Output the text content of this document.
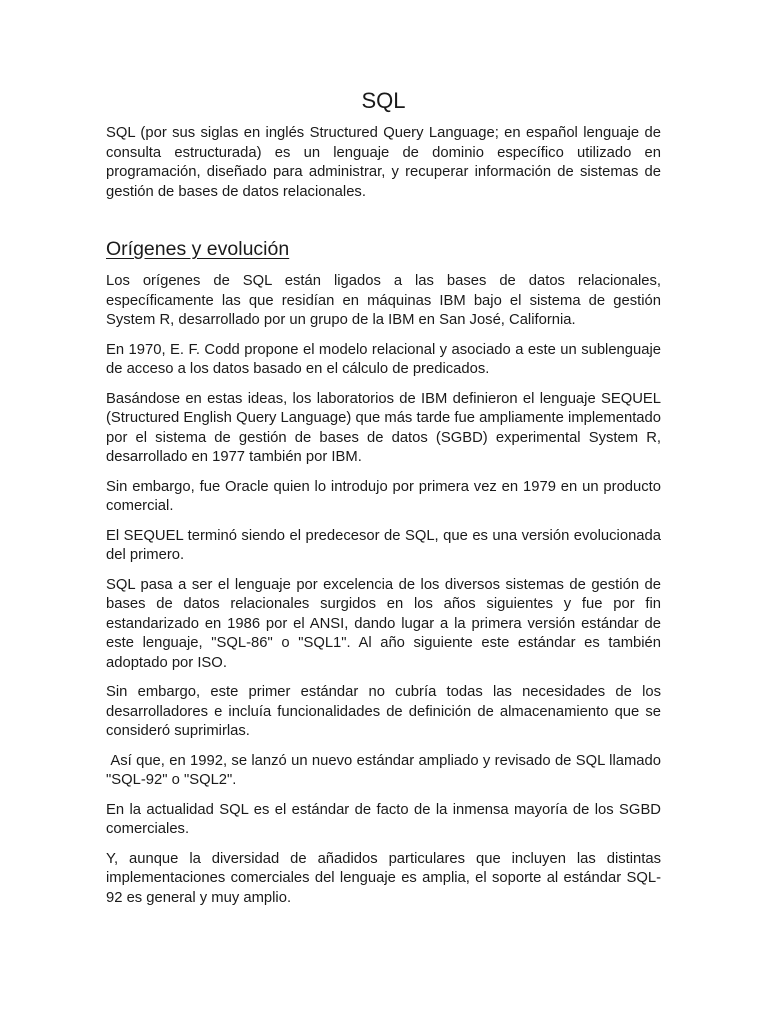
SQL

SQL (por sus siglas en inglés Structured Query Language; en español lenguaje de consulta estructurada) es un lenguaje de dominio específico utilizado en programación, diseñado para administrar, y recuperar información de sistemas de gestión de bases de datos relacionales.

Orígenes y evolución

Los orígenes de SQL están ligados a las bases de datos relacionales, específicamente las que residían en máquinas IBM bajo el sistema de gestión System R, desarrollado por un grupo de la IBM en San José, California.

En 1970, E. F. Codd propone el modelo relacional y asociado a este un sublenguaje de acceso a los datos basado en el cálculo de predicados.

Basándose en estas ideas, los laboratorios de IBM definieron el lenguaje SEQUEL (Structured English Query Language) que más tarde fue ampliamente implementado por el sistema de gestión de bases de datos (SGBD) experimental System R, desarrollado en 1977 también por IBM.

Sin embargo, fue Oracle quien lo introdujo por primera vez en 1979 en un producto comercial.

El SEQUEL terminó siendo el predecesor de SQL, que es una versión evolucionada del primero.

SQL pasa a ser el lenguaje por excelencia de los diversos sistemas de gestión de bases de datos relacionales surgidos en los años siguientes y fue por fin estandarizado en 1986 por el ANSI, dando lugar a la primera versión estándar de este lenguaje, "SQL-86" o "SQL1". Al año siguiente este estándar es también adoptado por ISO.

Sin embargo, este primer estándar no cubría todas las necesidades de los desarrolladores e incluía funcionalidades de definición de almacenamiento que se consideró suprimirlas.

Así que, en 1992, se lanzó un nuevo estándar ampliado y revisado de SQL llamado "SQL-92" o "SQL2".

En la actualidad SQL es el estándar de facto de la inmensa mayoría de los SGBD comerciales.

Y, aunque la diversidad de añadidos particulares que incluyen las distintas implementaciones comerciales del lenguaje es amplia, el soporte al estándar SQL-92 es general y muy amplio.
